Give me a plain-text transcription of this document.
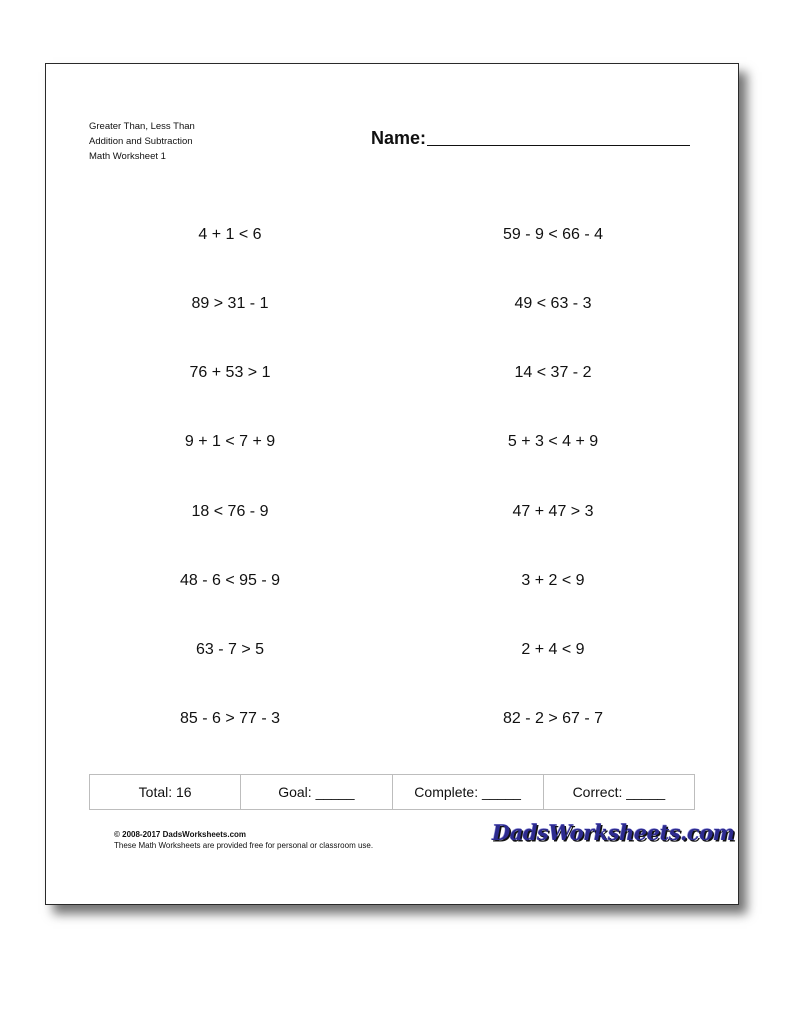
Greater Than, Less Than
Addition and Subtraction
Math Worksheet 1
Name:
4 + 1 < 6
89 > 31 - 1
76 + 53 > 1
9 + 1 < 7 + 9
18 < 76 - 9
48 - 6 < 95 - 9
63 - 7 > 5
85 - 6 > 77 - 3
59 - 9 < 66 - 4
49 < 63 - 3
14 < 37 - 2
5 + 3 < 4 + 9
47 + 47 > 3
3 + 2 < 9
2 + 4 < 9
82 - 2 > 67 - 7
Total: 16	Goal: _____	Complete: _____	Correct: _____
© 2008-2017 DadsWorksheets.com
These Math Worksheets are provided free for personal or classroom use.
DadsWorksheets.com
